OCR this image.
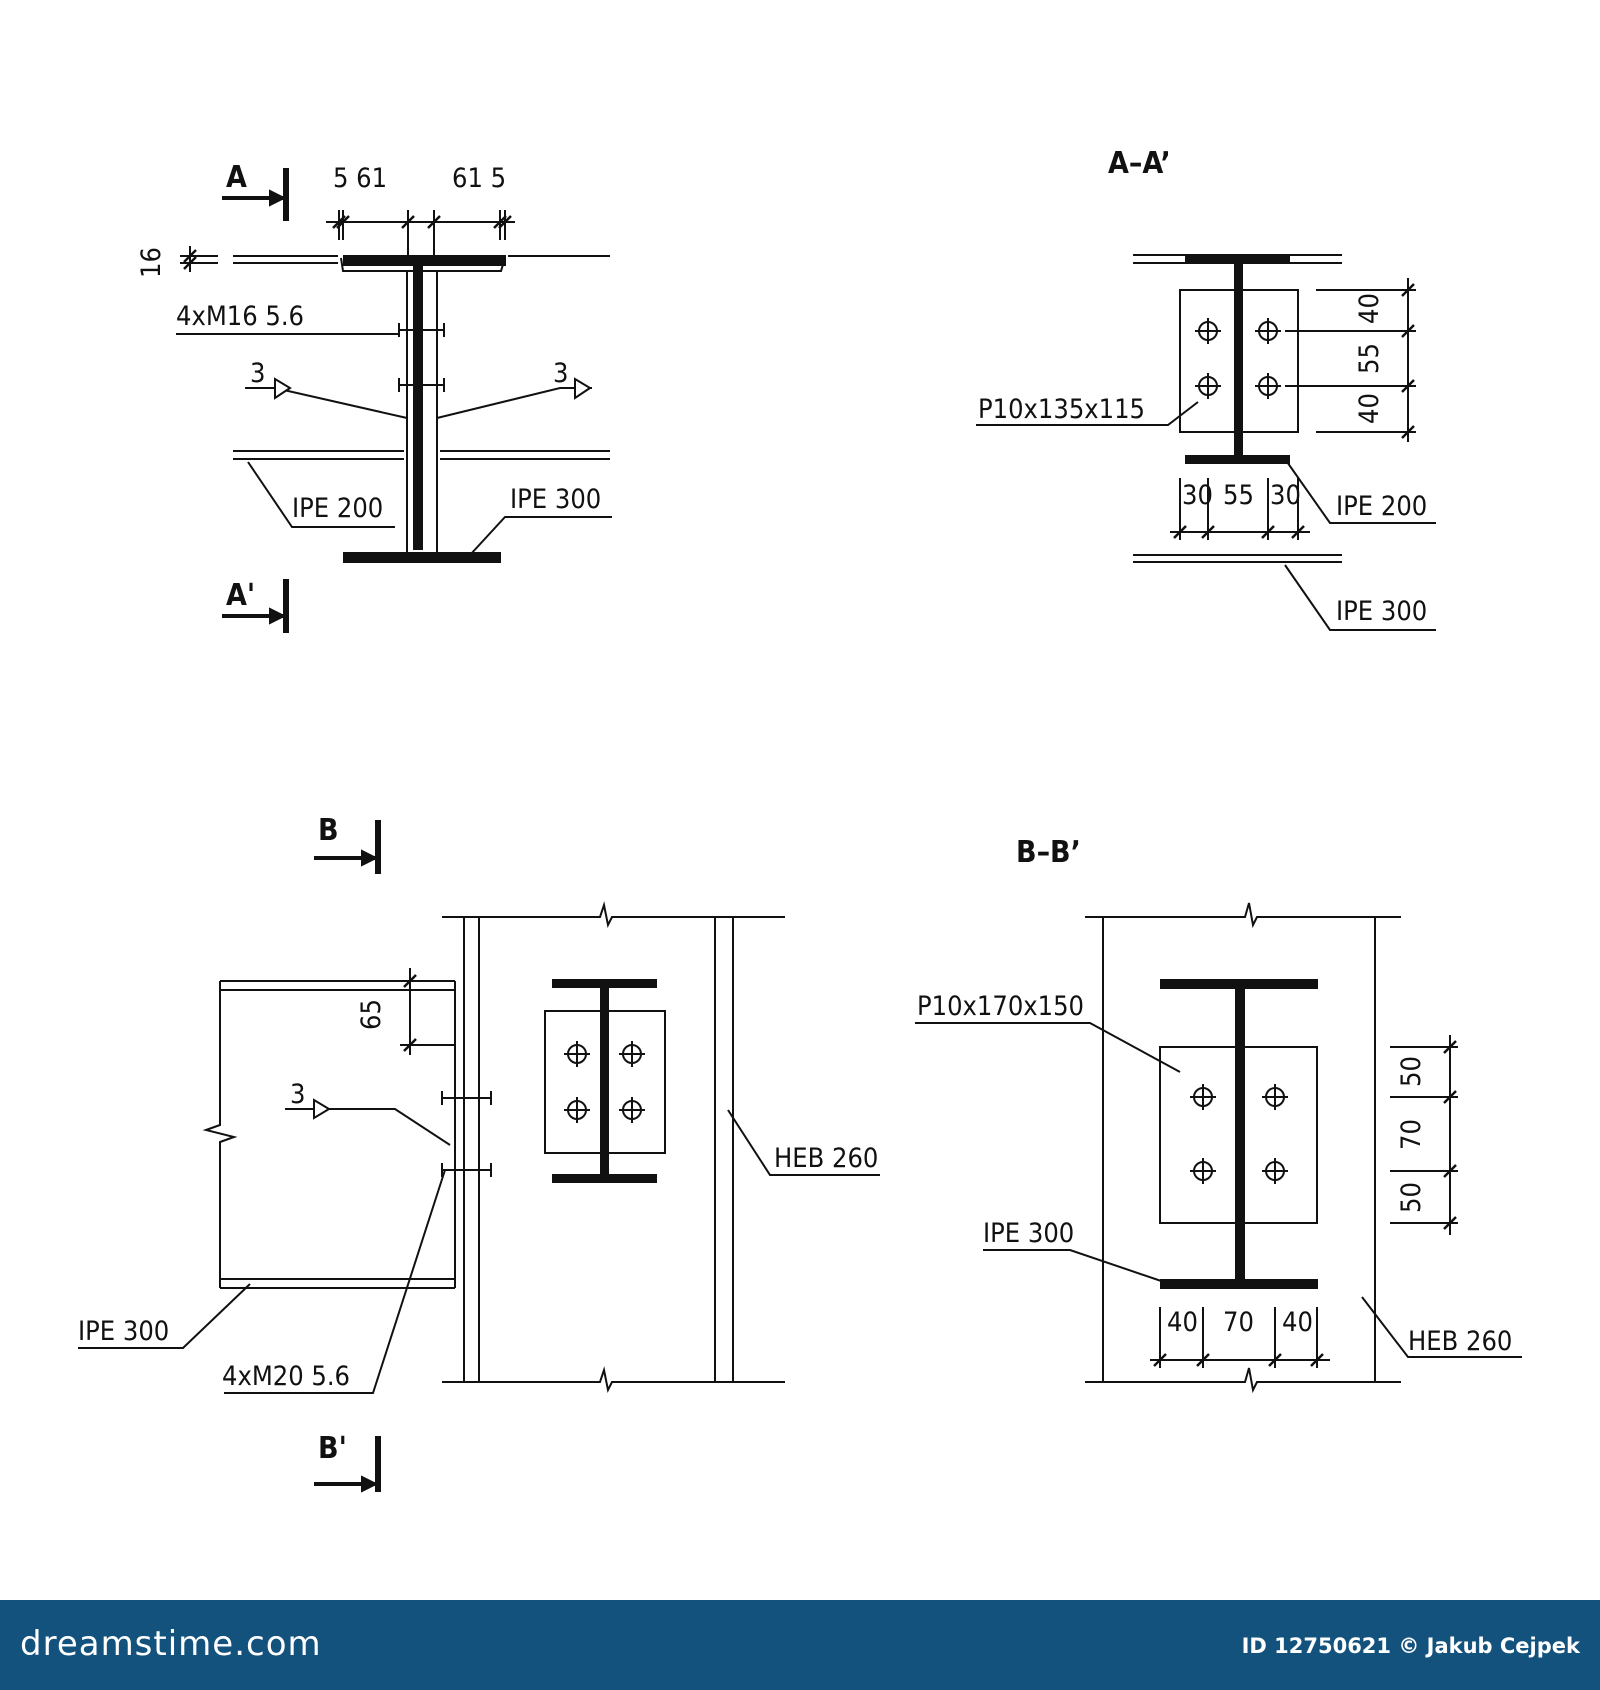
A
A'
5 61 61 5
16
4xM16 5.6
3	3
IPE 200	IPE 300
A–A’
P10x135x115
40
55
40
30 55 30 IPE 200
IPE 300
B
B'
65
3
HEB 260
IPE 300
4xM20 5.6
B–B’
P10x170x150
50
70
50
40 70 40
IPE 300
HEB 260
dreamstime.com	ID 12750621 © Jakub Cejpek
